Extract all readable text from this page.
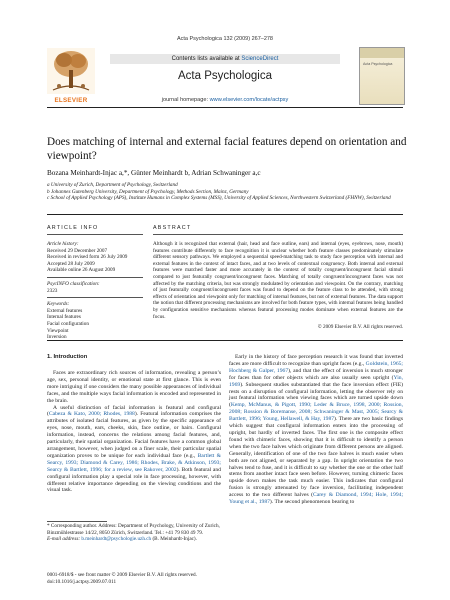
Acta Psychologica 132 (2009) 267–278
ELSEVIER
Contents lists available at ScienceDirect
Acta Psychologica
Acta Psychologica
journal homepage: www.elsevier.com/locate/actpsy
Does matching of internal and external facial features depend on orientation and viewpoint?
Bozana Meinhardt-Injac a,*, Günter Meinhardt b, Adrian Schwaninger a,c
a University of Zurich, Department of Psychology, Switzerland
b Johannes Gutenberg University, Department of Psychology, Methods Section, Mainz, Germany
c School of Applied Psychology (APS), Institute Humans in Complex Systems (MSS), University of Applied Sciences, Northwestern Switzerland (FHNW), Switzerland
ARTICLE INFO	ABSTRACT
Article history:
Received 29 December 2007
Received in revised form 26 July 2009
Accepted 28 July 2009
Available online 26 August 2009
PsycINFO classification:
2323
Keywords:
External features
Internal features
Facial configuration
Viewpoint
Inversion
Although it is recognized that external (hair, head and face outline, ears) and internal (eyes, eyebrows, nose, mouth) features contribute differently to face recognition it is unclear whether both feature classes predominately stimulate different sensory pathways. We employed a sequential speed-matching task to study face perception with internal and external features in the context of intact faces, and at two levels of contextual congruency. Both internal and external features were matched faster and more accurately in the context of totally congruent/incongruent facial stimuli compared to just featurally congruent/incongruent faces. Matching of totally congruent/incongruent faces was not affected by the matching criteria, but was strongly modulated by orientation and viewpoint. On the contrary, matching of just featurally congruent/incongruent faces was found to depend on the feature class to be attended, with strong effects of orientation and viewpoint only for matching of internal features, but not of external features. The data support the notion that different processing mechanisms are involved for both feature types, with internal features being handled by configuration sensitive mechanisms whereas featural processing modes dominate when external features are the focus.
© 2009 Elsevier B.V. All rights reserved.
1. Introduction

Faces are extraordinary rich sources of information, revealing a person’s age, sex, personal identity, or emotional state at first glance. This is even more intriguing if one considers the many possible appearances of individual faces, and the multiple ways facial information is encoded and represented in the brain.

A useful distinction of facial information is featural and configural (Cabeza & Kato, 2000; Rhodes, 1988). Featural information comprises the attributes of isolated facial features, as given by the specific appearance of eyes, nose, mouth, ears, cheeks, skin, face outline, or hairs. Configural information, instead, concerns the relations among facial features, and, particularly, their spatial organization. Facial features have a common global arrangement, however, when judged on a finer scale, their particular spatial organization proves to be unique for each individual face (e.g., Bartlett & Searcy, 1993; Diamond & Carey, 1986; Rhodes, Brake, & Atkinson, 1993; Searcy & Bartlett, 1996; for a review, see Rakover, 2002). Both featural and configural information play a special role in face processing, however, with different relative importance depending on the viewing conditions and the visual task.

Early in the history of face perception research it was found that inverted faces are more difficult to recognize than upright faces (e.g., Goldstein, 1965; Hochberg & Galper, 1967), and that the effect of inversion is much stronger for faces than for other objects which are also usually seen upright (Yin, 1969). Subsequent studies substantiated that the face inversion effect (FIE) rests on a disruption of configural information, letting the observer rely on just featural information when viewing faces which are turned upside down (Kemp, McManus, & Pigott, 1990; Leder & Bruce, 1998, 2000; Rossion, 2008; Rossion & Boremanse, 2008; Schwaninger & Mast, 2005; Searcy & Bartlett, 1996; Young, Hellawell, & Hay, 1987). There are two basic findings which suggest that configural information enters into the processing of upright, but hardly of inverted faces. The first one is the composite effect found with chimeric faces, showing that it is difficult to identify a person when the two face halves which originate from different persons are aligned. Generally, identification of one of the two face halves is much easier when both are not aligned, or separated by a gap. In upright orientation the two halves tend to fuse, and it is difficult to say whether the one or the other half stems from another intact face seen before. However, turning chimeric faces upside down makes the task much easier. This indicates that configural fusion is strongly attenuated by face inversion, facilitating independent access to the two different halves (Carey & Diamond, 1994; Hole, 1994; Young et al., 1987). The second phenomenon bearing to

* Corresponding author. Address: Department of Psychology, University of Zurich, Binzmühlestrasse 14/22, 8050 Zürich, Switzerland. Tel.: +41 79 830 49 79.
E-mail address: b.meinhardt@psychologie.uzh.ch (B. Meinhardt-Injac).
0001-6918/$ - see front matter © 2009 Elsevier B.V. All rights reserved.
doi:10.1016/j.actpsy.2009.07.011
